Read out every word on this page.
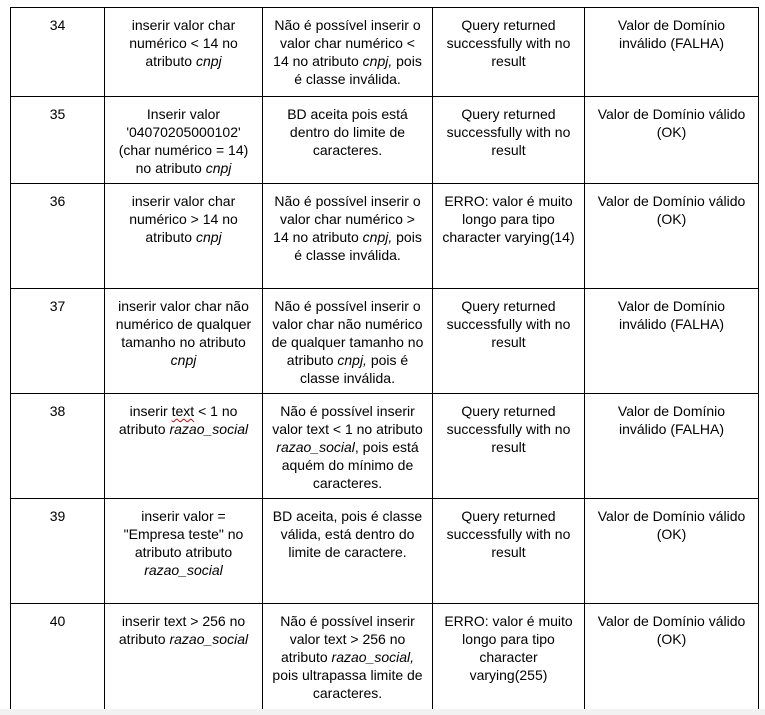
34	inserir valor char
numérico < 14 no
atributo cnpj	Não é possível inserir o
valor char numérico <
14 no atributo cnpj, pois
é classe inválida.	Query returned
successfully with no
result	Valor de Domínio
inválido (FALHA)

35	Inserir valor
'04070205000102'
(char numérico = 14)
no atributo cnpj	BD aceita pois está
dentro do limite de
caracteres.	Query returned
successfully with no
result	Valor de Domínio válido
(OK)

36	inserir valor char
numérico > 14 no
atributo cnpj	Não é possível inserir o
valor char numérico >
14 no atributo cnpj, pois
é classe inválida.	ERRO: valor é muito
longo para tipo
character varying(14)	Valor de Domínio válido
(OK)

37	inserir valor char não
numérico de qualquer
tamanho no atributo
cnpj	Não é possível inserir o
valor char não numérico
de qualquer tamanho no
atributo cnpj, pois é
classe inválida.	Query returned
successfully with no
result	Valor de Domínio
inválido (FALHA)

38	inserir text < 1 no
atributo razao_social	Não é possível inserir
valor text < 1 no atributo
razao_social, pois está
aquém do mínimo de
caracteres.	Query returned
successfully with no
result	Valor de Domínio
inválido (FALHA)

39	inserir valor =
"Empresa teste" no
atributo atributo
razao_social	BD aceita, pois é classe
válida, está dentro do
limite de caractere.	Query returned
successfully with no
result	Valor de Domínio válido
(OK)

40	inserir text > 256 no
atributo razao_social	Não é possível inserir
valor text > 256 no
atributo razao_social,
pois ultrapassa limite de
caracteres.	ERRO: valor é muito
longo para tipo
character
varying(255)	Valor de Domínio válido
(OK)
